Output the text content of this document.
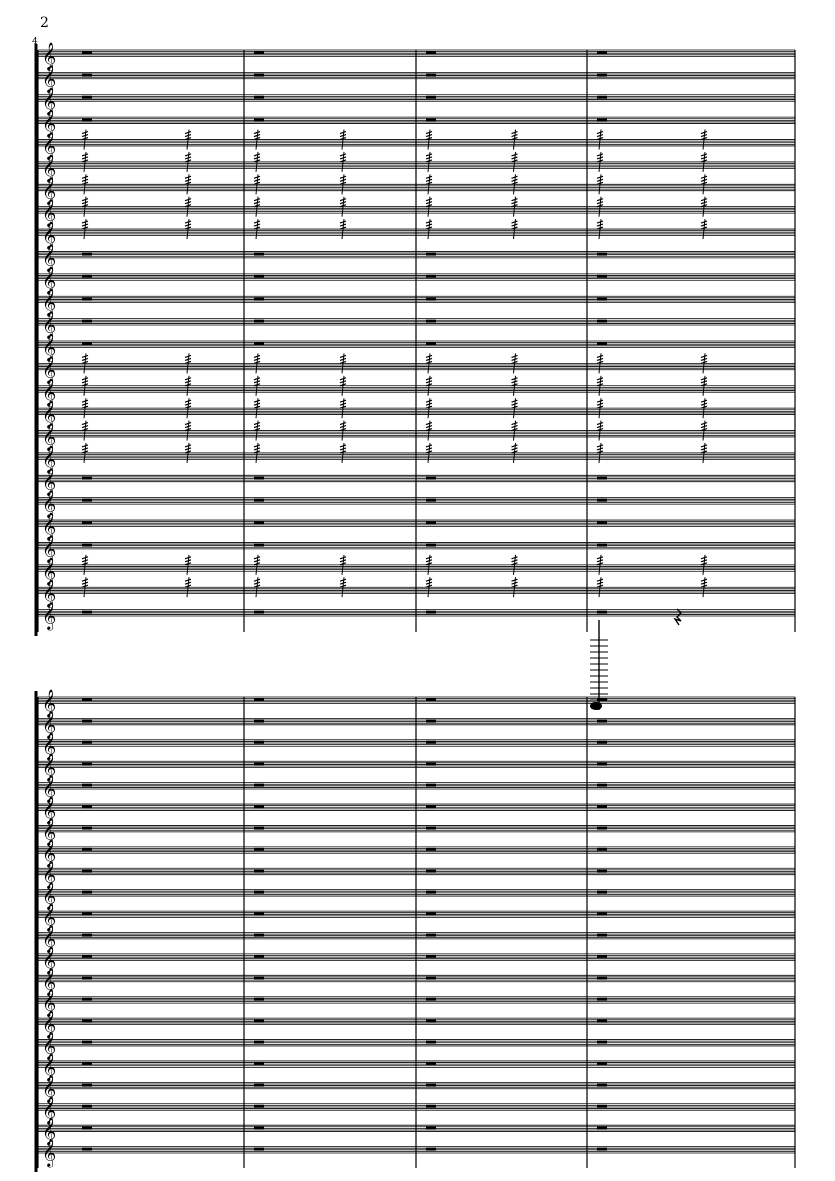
2
4 𝄞
𝄞
𝄞
𝄞
𝄞
𝄞
𝄞
𝄞
𝄞
𝄞
𝄞
𝄞
𝄞
𝄞
𝄞
𝄞
𝄞
𝄞
𝄞
𝄞
𝄞
𝄞
𝄞
𝄞
𝄞
𝄞
𝄞
𝄞
𝄞
𝄞
𝄞
𝄞
𝄞
𝄞
𝄞
𝄞
𝄞
𝄞
𝄞
𝄞
𝄞
𝄞
𝄞
𝄞
𝄞
𝄞
𝄞
𝄞
